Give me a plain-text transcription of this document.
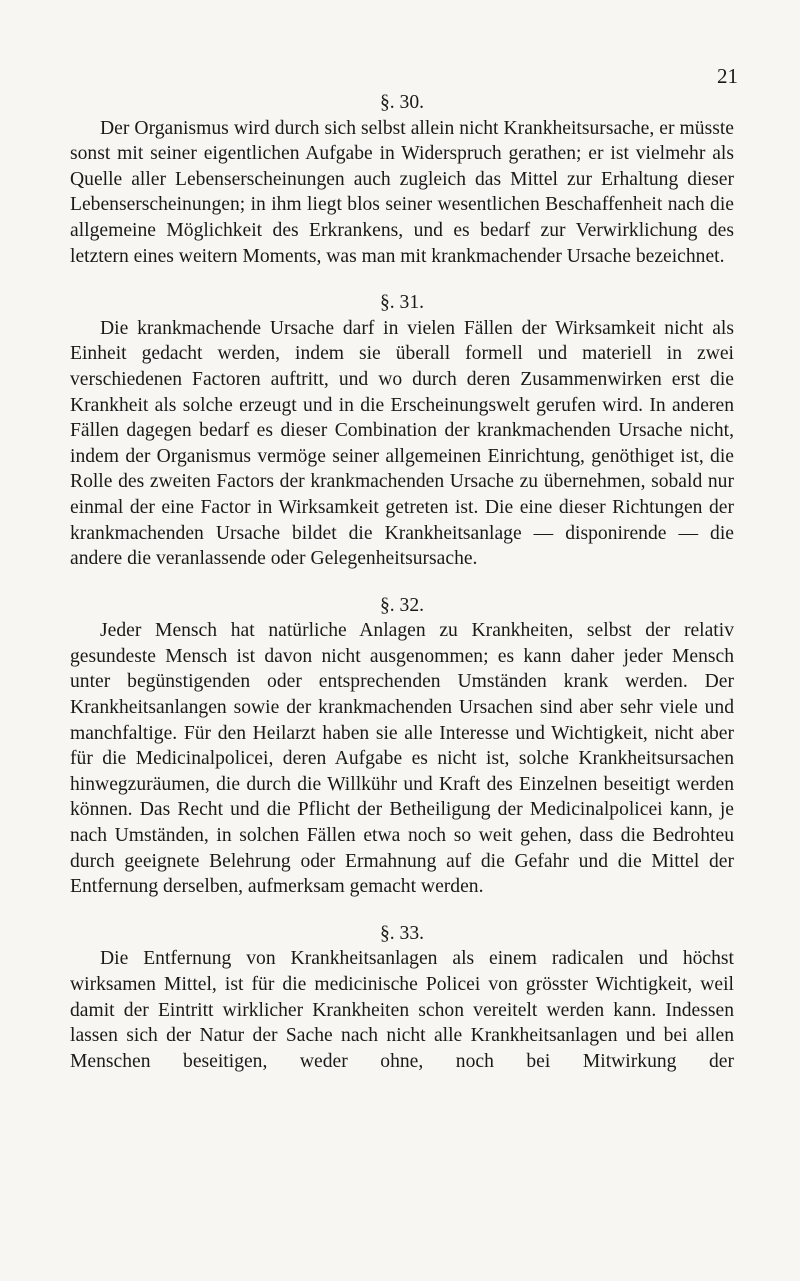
21
§. 30.

Der Organismus wird durch sich selbst allein nicht Krankheitsursache, er müsste sonst mit seiner eigentlichen Aufgabe in Widerspruch gerathen; er ist vielmehr als Quelle aller Lebenserscheinungen auch zugleich das Mittel zur Erhaltung dieser Lebenserscheinungen; in ihm liegt blos seiner wesentlichen Beschaffenheit nach die allgemeine Möglichkeit des Erkrankens, und es bedarf zur Verwirklichung des letztern eines weitern Moments, was man mit krankmachender Ursache bezeichnet.

§. 31.

Die krankmachende Ursache darf in vielen Fällen der Wirksamkeit nicht als Einheit gedacht werden, indem sie überall formell und materiell in zwei verschiedenen Factoren auftritt, und wo durch deren Zusammenwirken erst die Krankheit als solche erzeugt und in die Erscheinungswelt gerufen wird. In anderen Fällen dagegen bedarf es dieser Combination der krankmachenden Ursache nicht, indem der Organismus vermöge seiner allgemeinen Einrichtung, genöthiget ist, die Rolle des zweiten Factors der krankmachenden Ursache zu übernehmen, sobald nur einmal der eine Factor in Wirksamkeit getreten ist. Die eine dieser Richtungen der krankmachenden Ursache bildet die Krankheitsanlage — disponirende — die andere die veranlassende oder Gelegenheitsursache.

§. 32.

Jeder Mensch hat natürliche Anlagen zu Krankheiten, selbst der relativ gesundeste Mensch ist davon nicht ausgenommen; es kann daher jeder Mensch unter begünstigenden oder entsprechenden Umständen krank werden. Der Krankheitsanlangen sowie der krankmachenden Ursachen sind aber sehr viele und manchfaltige. Für den Heilarzt haben sie alle Interesse und Wichtigkeit, nicht aber für die Medicinalpolicei, deren Aufgabe es nicht ist, solche Krankheitsursachen hinwegzuräumen, die durch die Willkühr und Kraft des Einzelnen beseitigt werden können. Das Recht und die Pflicht der Betheiligung der Medicinalpolicei kann, je nach Umständen, in solchen Fällen etwa noch so weit gehen, dass die Bedrohteu durch geeignete Belehrung oder Ermahnung auf die Gefahr und die Mittel der Entfernung derselben, aufmerksam gemacht werden.

§. 33.

Die Entfernung von Krankheitsanlagen als einem radicalen und höchst wirksamen Mittel, ist für die medicinische Policei von grösster Wichtigkeit, weil damit der Eintritt wirklicher Krankheiten schon vereitelt werden kann. Indessen lassen sich der Natur der Sache nach nicht alle Krankheitsanlagen und bei allen Menschen beseitigen, weder ohne, noch bei Mitwirkung der
